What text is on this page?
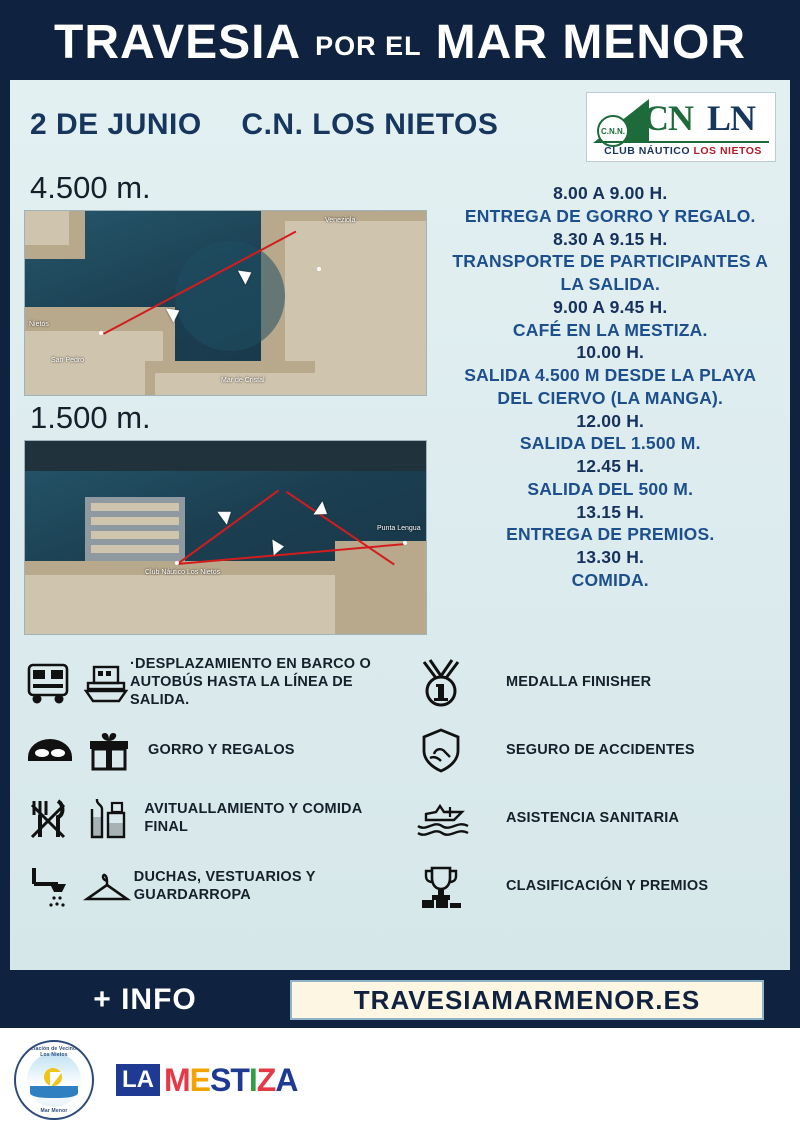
TRAVESIA POR EL MAR MENOR
2 DE JUNIO C.N. LOS NIETOS	C.N.N. CN LN
CLUB NÁUTICO LOS NIETOS
4.500 m.
Nietos
San Pedro
Mar de Cristal
Veneziola
1.500 m.
Club Náutico Los Nietos
Punta Lengua
8.00 A 9.00 H.
ENTREGA DE GORRO Y REGALO.
8.30 A 9.15 H.
TRANSPORTE DE PARTICIPANTES A LA SALIDA.
9.00 A 9.45 H.
CAFÉ EN LA MESTIZA.
10.00 H.
SALIDA 4.500 M DESDE LA PLAYA DEL CIERVO (LA MANGA).
12.00 H.
SALIDA DEL 1.500 M.
12.45 H.
SALIDA DEL 500 M.
13.15 H.
ENTREGA DE PREMIOS.
13.30 H.
COMIDA.
·DESPLAZAMIENTO EN BARCO O AUTOBÚS HASTA LA LÍNEA DE SALIDA.
GORRO Y REGALOS
AVITUALLAMIENTO Y COMIDA FINAL
DUCHAS, VESTUARIOS Y GUARDARROPA
MEDALLA FINISHER
SEGURO DE ACCIDENTES
ASISTENCIA SANITARIA
CLASIFICACIÓN Y PREMIOS
+ INFO	TRAVESIAMARMENOR.ES
Asociación de Vecinos de Los Nietos
Mar Menor
LA MESTIZA
